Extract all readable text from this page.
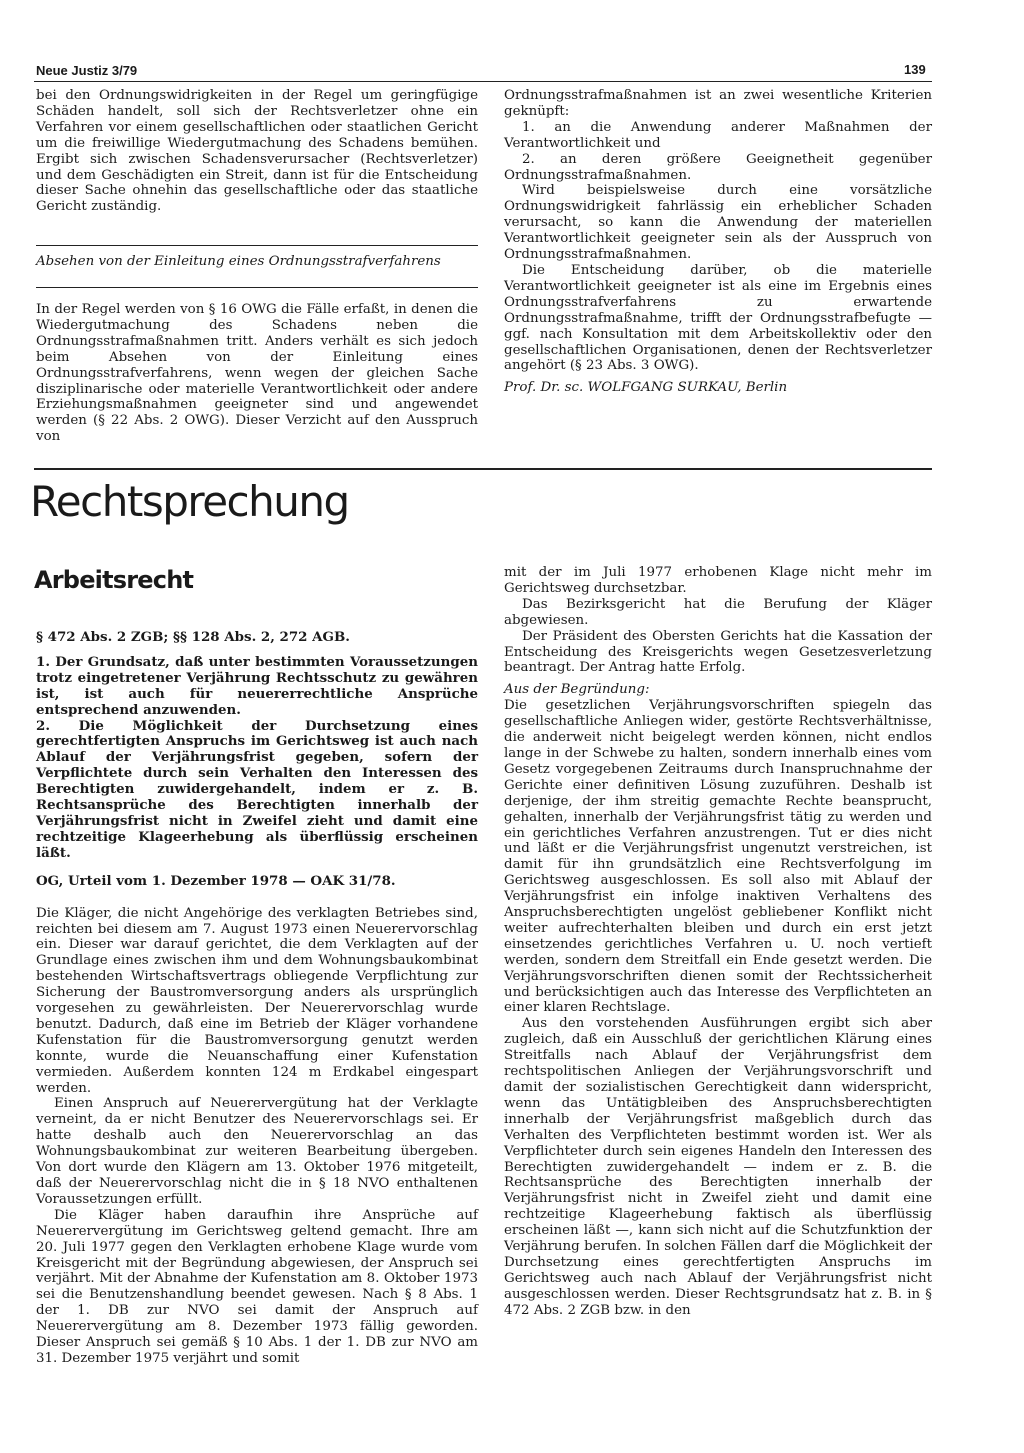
Neue Justiz 3/79	139

bei den Ordnungswidrigkeiten in der Regel um geringfügige Schäden handelt, soll sich der Rechtsverletzer ohne ein Verfahren vor einem gesellschaftlichen oder staatlichen Gericht um die freiwillige Wiedergutmachung des Schadens bemühen. Ergibt sich zwischen Schadensverursacher (Rechtsverletzer) und dem Geschädigten ein Streit, dann ist für die Entscheidung dieser Sache ohnehin das gesellschaftliche oder das staatliche Gericht zuständig.

Absehen von der Einleitung eines Ordnungsstrafverfahrens

In der Regel werden von § 16 OWG die Fälle erfaßt, in denen die Wiedergutmachung des Schadens neben die Ordnungsstrafmaßnahmen tritt. Anders verhält es sich jedoch beim Absehen von der Einleitung eines Ordnungsstrafverfahrens, wenn wegen der gleichen Sache disziplinarische oder materielle Verantwortlichkeit oder andere Erziehungsmaßnahmen geeigneter sind und angewendet werden (§ 22 Abs. 2 OWG). Dieser Verzicht auf den Ausspruch von

Ordnungsstrafmaßnahmen ist an zwei wesentliche Kriterien geknüpft:

1. an die Anwendung anderer Maßnahmen der Verantwortlichkeit und
2. an deren größere Geeignetheit gegenüber Ordnungsstrafmaßnahmen.

Wird beispielsweise durch eine vorsätzliche Ordnungswidrigkeit fahrlässig ein erheblicher Schaden verursacht, so kann die Anwendung der materiellen Verantwortlichkeit geeigneter sein als der Ausspruch von Ordnungsstrafmaßnahmen.

Die Entscheidung darüber, ob die materielle Verantwortlichkeit geeigneter ist als eine im Ergebnis eines Ordnungsstrafverfahrens zu erwartende Ordnungsstrafmaßnahme, trifft der Ordnungsstrafbefugte — ggf. nach Konsultation mit dem Arbeitskollektiv oder den gesellschaftlichen Organisationen, denen der Rechtsverletzer angehört (§ 23 Abs. 3 OWG).

Prof. Dr. sc. WOLFGANG SURKAU, Berlin

Rechtsprechung
Arbeitsrecht

§ 472 Abs. 2 ZGB; §§ 128 Abs. 2, 272 AGB.

1. Der Grundsatz, daß unter bestimmten Voraussetzungen trotz eingetretener Verjährung Rechtsschutz zu gewähren ist, ist auch für neuererrechtliche Ansprüche entsprechend anzuwenden.

2. Die Möglichkeit der Durchsetzung eines gerechtfertigten Anspruchs im Gerichtsweg ist auch nach Ablauf der Verjährungsfrist gegeben, sofern der Verpflichtete durch sein Verhalten den Interessen des Berechtigten zuwidergehandelt, indem er z. B. Rechtsansprüche des Berechtigten innerhalb der Verjährungsfrist nicht in Zweifel zieht und damit eine rechtzeitige Klageerhebung als überflüssig erscheinen läßt.

OG, Urteil vom 1. Dezember 1978 — OAK 31/78.

Die Kläger, die nicht Angehörige des verklagten Betriebes sind, reichten bei diesem am 7. August 1973 einen Neuerervorschlag ein. Dieser war darauf gerichtet, die dem Verklagten auf der Grundlage eines zwischen ihm und dem Wohnungsbaukombinat bestehenden Wirtschaftsvertrags obliegende Verpflichtung zur Sicherung der Baustromversorgung anders als ursprünglich vorgesehen zu gewährleisten. Der Neuerervorschlag wurde benutzt. Dadurch, daß eine im Betrieb der Kläger vorhandene Kufenstation für die Baustromversorgung genutzt werden konnte, wurde die Neuanschaffung einer Kufenstation vermieden. Außerdem konnten 124 m Erdkabel eingespart werden.

Einen Anspruch auf Neuerervergütung hat der Verklagte verneint, da er nicht Benutzer des Neuerervorschlags sei. Er hatte deshalb auch den Neuerervorschlag an das Wohnungsbaukombinat zur weiteren Bearbeitung übergeben. Von dort wurde den Klägern am 13. Oktober 1976 mitgeteilt, daß der Neuerervorschlag nicht die in § 18 NVO enthaltenen Voraussetzungen erfüllt.

Die Kläger haben daraufhin ihre Ansprüche auf Neuerervergütung im Gerichtsweg geltend gemacht. Ihre am 20. Juli 1977 gegen den Verklagten erhobene Klage wurde vom Kreisgericht mit der Begründung abgewiesen, der Anspruch sei verjährt. Mit der Abnahme der Kufenstation am 8. Oktober 1973 sei die Benutzenshandlung beendet gewesen. Nach § 8 Abs. 1 der 1. DB zur NVO sei damit der Anspruch auf Neuerervergütung am 8. Dezember 1973 fällig geworden. Dieser Anspruch sei gemäß § 10 Abs. 1 der 1. DB zur NVO am 31. Dezember 1975 verjährt und somit

mit der im Juli 1977 erhobenen Klage nicht mehr im Gerichtsweg durchsetzbar.

Das Bezirksgericht hat die Berufung der Kläger abgewiesen.

Der Präsident des Obersten Gerichts hat die Kassation der Entscheidung des Kreisgerichts wegen Gesetzesverletzung beantragt. Der Antrag hatte Erfolg.

Aus der Begründung:

Die gesetzlichen Verjährungsvorschriften spiegeln das gesellschaftliche Anliegen wider, gestörte Rechtsverhältnisse, die anderweit nicht beigelegt werden können, nicht endlos lange in der Schwebe zu halten, sondern innerhalb eines vom Gesetz vorgegebenen Zeitraums durch Inanspruchnahme der Gerichte einer definitiven Lösung zuzuführen. Deshalb ist derjenige, der ihm streitig gemachte Rechte beansprucht, gehalten, innerhalb der Verjährungsfrist tätig zu werden und ein gerichtliches Verfahren anzustrengen. Tut er dies nicht und läßt er die Verjährungsfrist ungenutzt verstreichen, ist damit für ihn grundsätzlich eine Rechtsverfolgung im Gerichtsweg ausgeschlossen. Es soll also mit Ablauf der Verjährungsfrist ein infolge inaktiven Verhaltens des Anspruchsberechtigten ungelöst gebliebener Konflikt nicht weiter aufrechterhalten bleiben und durch ein erst jetzt einsetzendes gerichtliches Verfahren u. U. noch vertieft werden, sondern dem Streitfall ein Ende gesetzt werden. Die Verjährungsvorschriften dienen somit der Rechtssicherheit und berücksichtigen auch das Interesse des Verpflichteten an einer klaren Rechtslage.

Aus den vorstehenden Ausführungen ergibt sich aber zugleich, daß ein Ausschluß der gerichtlichen Klärung eines Streitfalls nach Ablauf der Verjährungsfrist dem rechtspolitischen Anliegen der Verjährungsvorschrift und damit der sozialistischen Gerechtigkeit dann widerspricht, wenn das Untätigbleiben des Anspruchsberechtigten innerhalb der Verjährungsfrist maßgeblich durch das Verhalten des Verpflichteten bestimmt worden ist. Wer als Verpflichteter durch sein eigenes Handeln den Interessen des Berechtigten zuwidergehandelt — indem er z. B. die Rechtsansprüche des Berechtigten innerhalb der Verjährungsfrist nicht in Zweifel zieht und damit eine rechtzeitige Klageerhebung faktisch als überflüssig erscheinen läßt —, kann sich nicht auf die Schutzfunktion der Verjährung berufen. In solchen Fällen darf die Möglichkeit der Durchsetzung eines gerechtfertigten Anspruchs im Gerichtsweg auch nach Ablauf der Verjährungsfrist nicht ausgeschlossen werden. Dieser Rechtsgrundsatz hat z. B. in § 472 Abs. 2 ZGB bzw. in den
